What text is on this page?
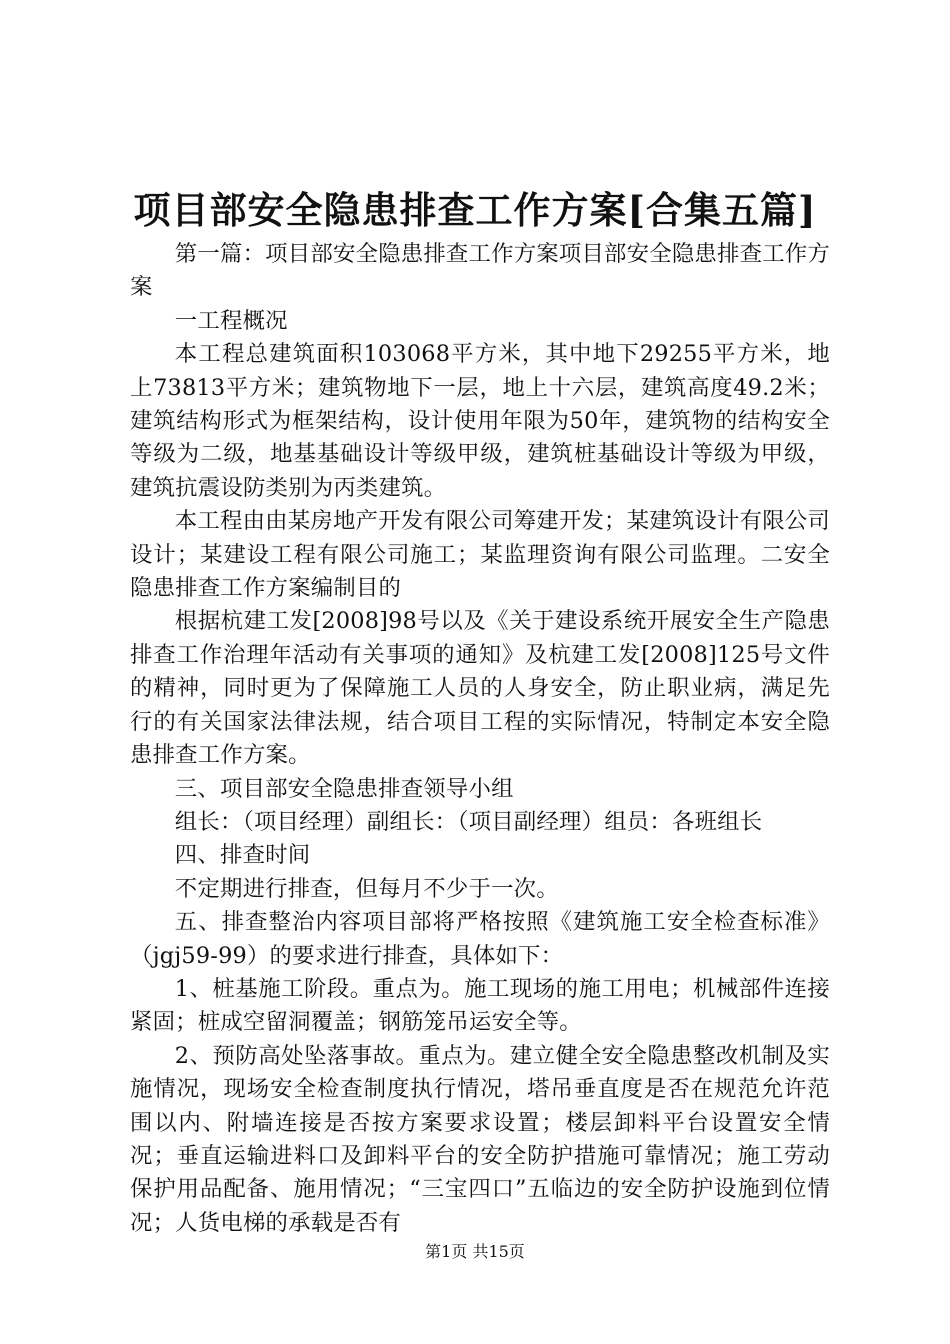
项目部安全隐患排查工作方案[合集五篇]

第一篇：项目部安全隐患排查工作方案项目部安全隐患排查工作方案

一工程概况

本工程总建筑面积103068平方米，其中地下29255平方米，地上73813平方米；建筑物地下一层，地上十六层，建筑高度49.2米；建筑结构形式为框架结构，设计使用年限为50年，建筑物的结构安全等级为二级，地基基础设计等级甲级，建筑桩基础设计等级为甲级，建筑抗震设防类别为丙类建筑。

本工程由由某房地产开发有限公司筹建开发；某建筑设计有限公司设计；某建设工程有限公司施工；某监理资询有限公司监理。二安全隐患排查工作方案编制目的

根据杭建工发[2008]98号以及《关于建设系统开展安全生产隐患排查工作治理年活动有关事项的通知》及杭建工发[2008]125号文件的精神，同时更为了保障施工人员的人身安全，防止职业病，满足先行的有关国家法律法规，结合项目工程的实际情况，特制定本安全隐患排查工作方案。

三、项目部安全隐患排查领导小组

组长：（项目经理）副组长：（项目副经理）组员：各班组长

四、排查时间

不定期进行排查，但每月不少于一次。

五、排查整治内容项目部将严格按照《建筑施工安全检查标准》（jgj59-99）的要求进行排查，具体如下：

1、桩基施工阶段。重点为。施工现场的施工用电；机械部件连接紧固；桩成空留洞覆盖；钢筋笼吊运安全等。

2、预防高处坠落事故。重点为。建立健全安全隐患整改机制及实施情况，现场安全检查制度执行情况，塔吊垂直度是否在规范允许范围以内、附墙连接是否按方案要求设置；楼层卸料平台设置安全情况；垂直运输进料口及卸料平台的安全防护措施可靠情况；施工劳动保护用品配备、施用情况；“三宝四口”五临边的安全防护设施到位情况；人货电梯的承载是否有

第1页 共15页
